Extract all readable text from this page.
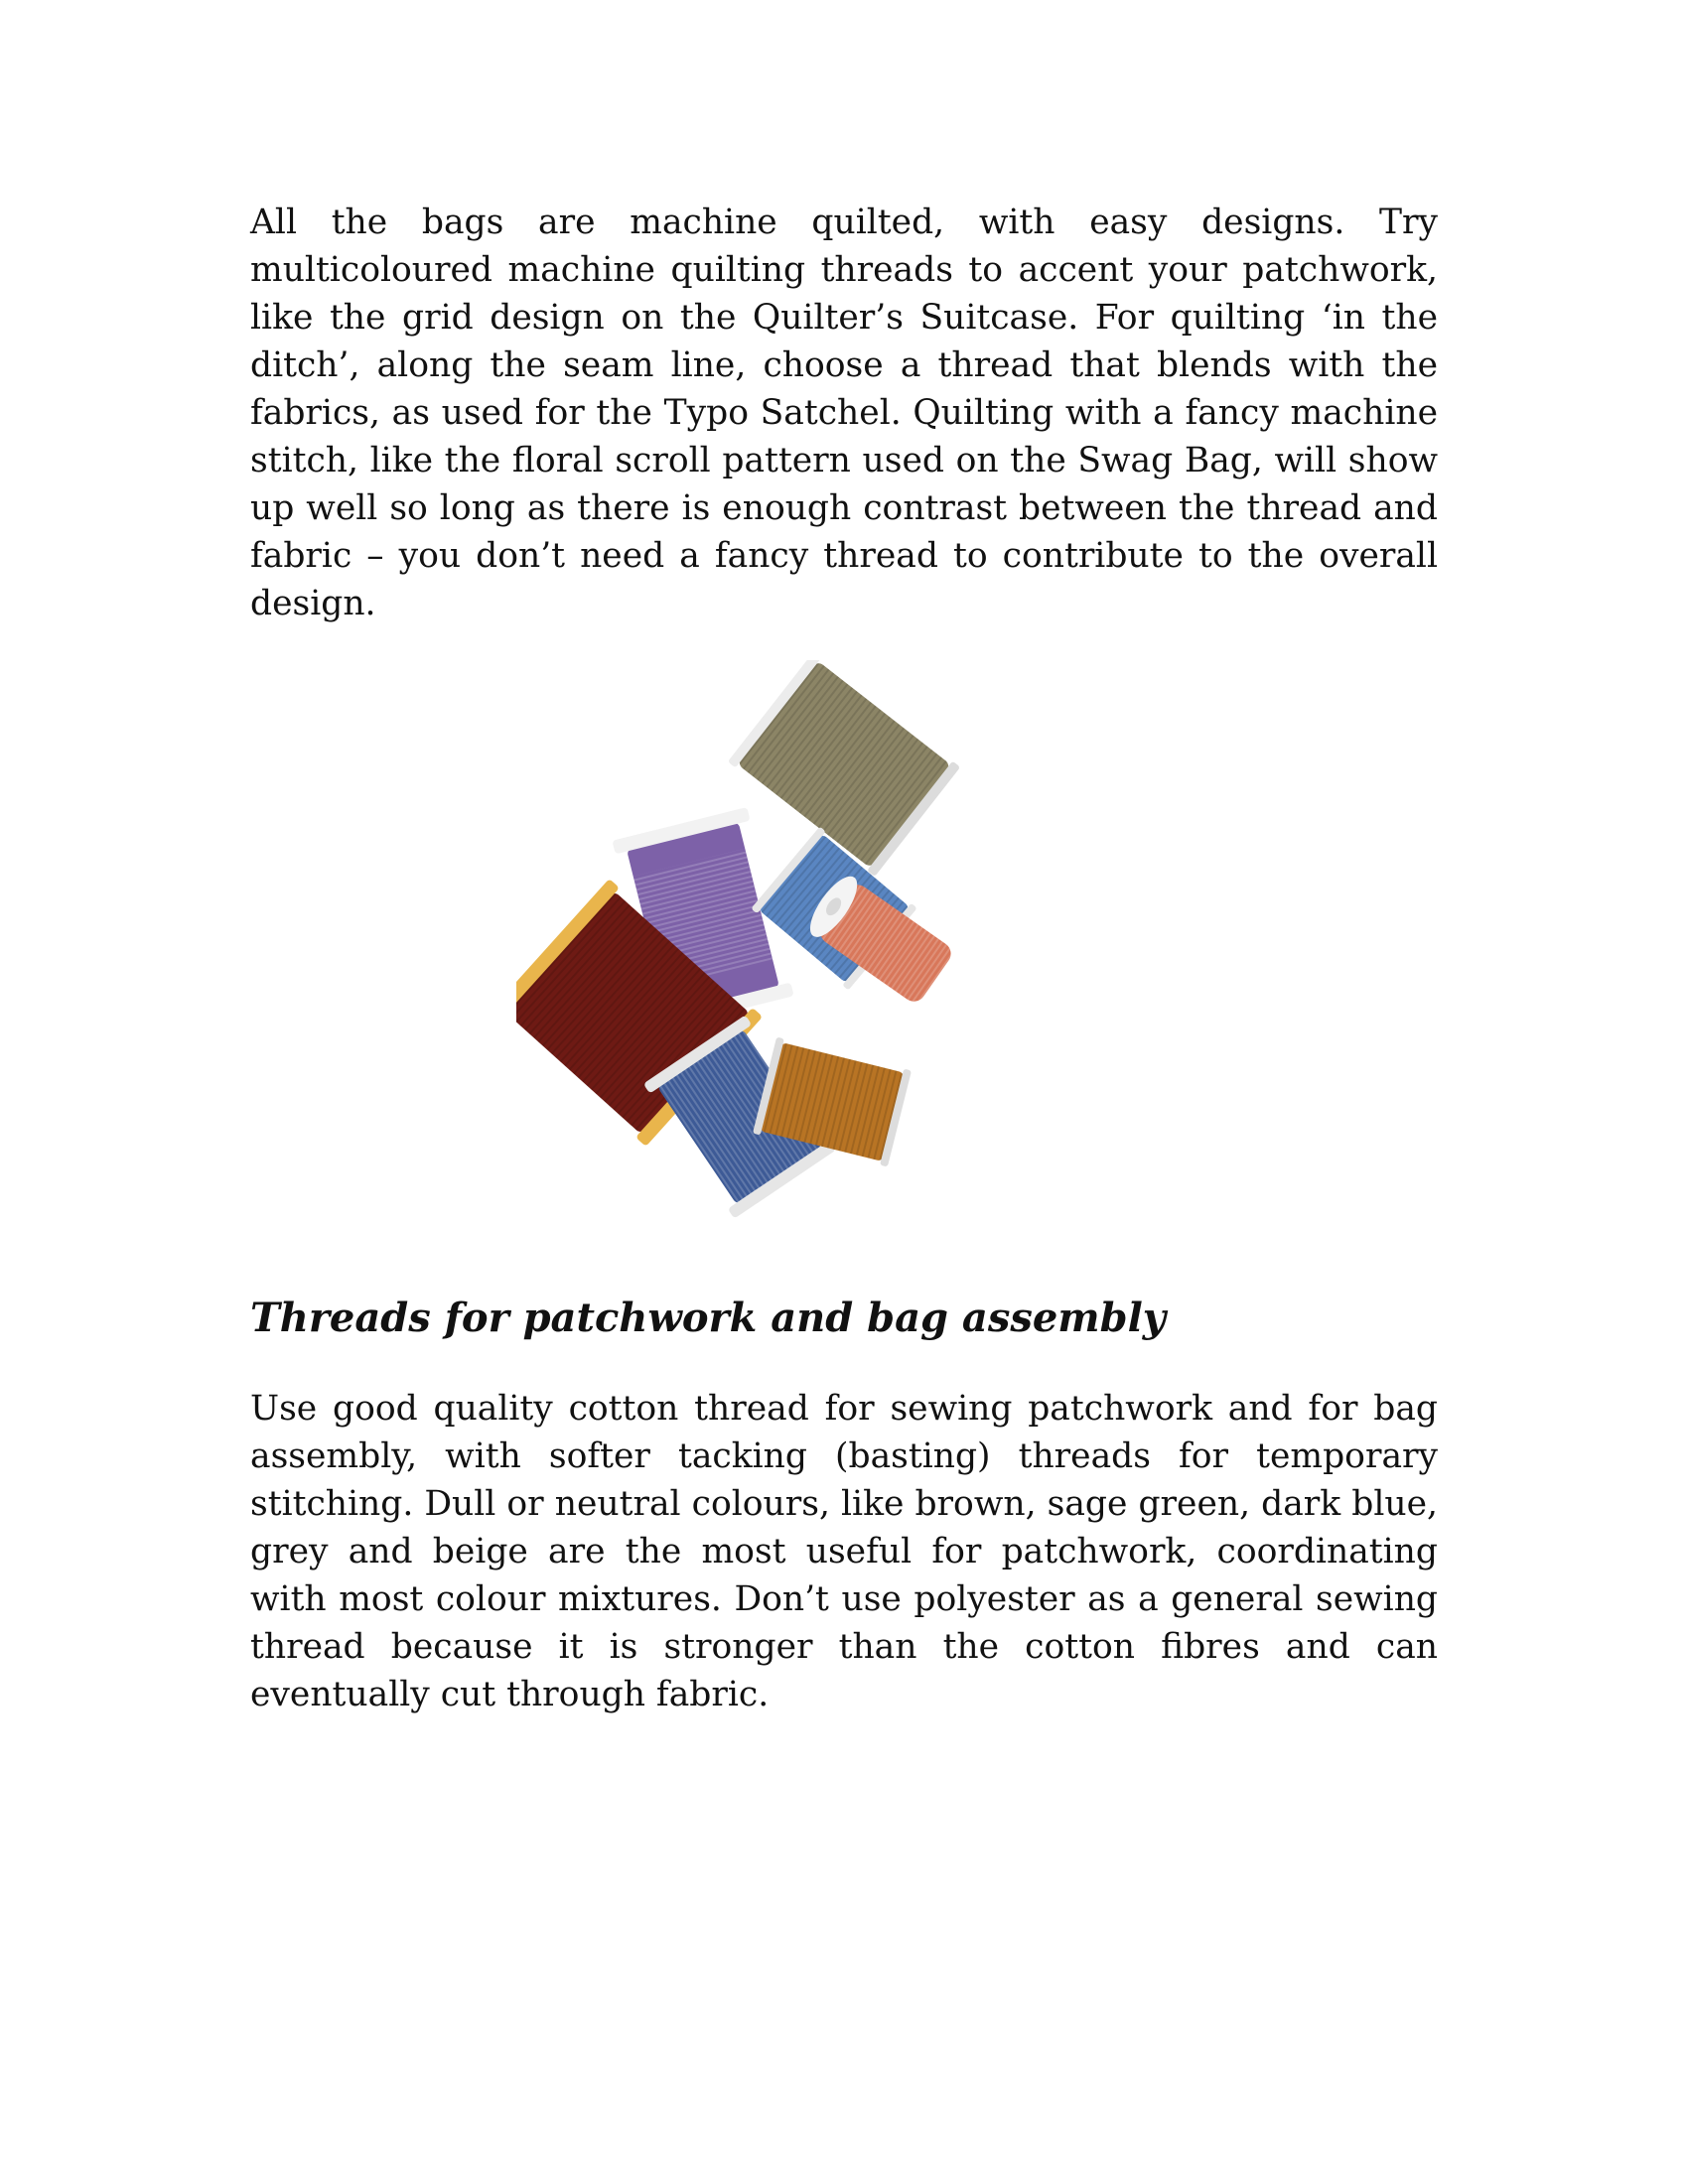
All the bags are machine quilted, with easy designs. Try multicoloured machine quilting threads to accent your patchwork, like the grid design on the Quilter’s Suitcase. For quilting ‘in the ditch’, along the seam line, choose a thread that blends with the fabrics, as used for the Typo Satchel. Quilting with a fancy machine stitch, like the floral scroll pattern used on the Swag Bag, will show up well so long as there is enough contrast between the thread and fabric – you don’t need a fancy thread to contribute to the overall design.

Threads for patchwork and bag assembly

Use good quality cotton thread for sewing patchwork and for bag assembly, with softer tacking (basting) threads for temporary stitching. Dull or neutral colours, like brown, sage green, dark blue, grey and beige are the most useful for patchwork, coordinating with most colour mixtures. Don’t use polyester as a general sewing thread because it is stronger than the cotton fibres and can eventually cut through fabric.
